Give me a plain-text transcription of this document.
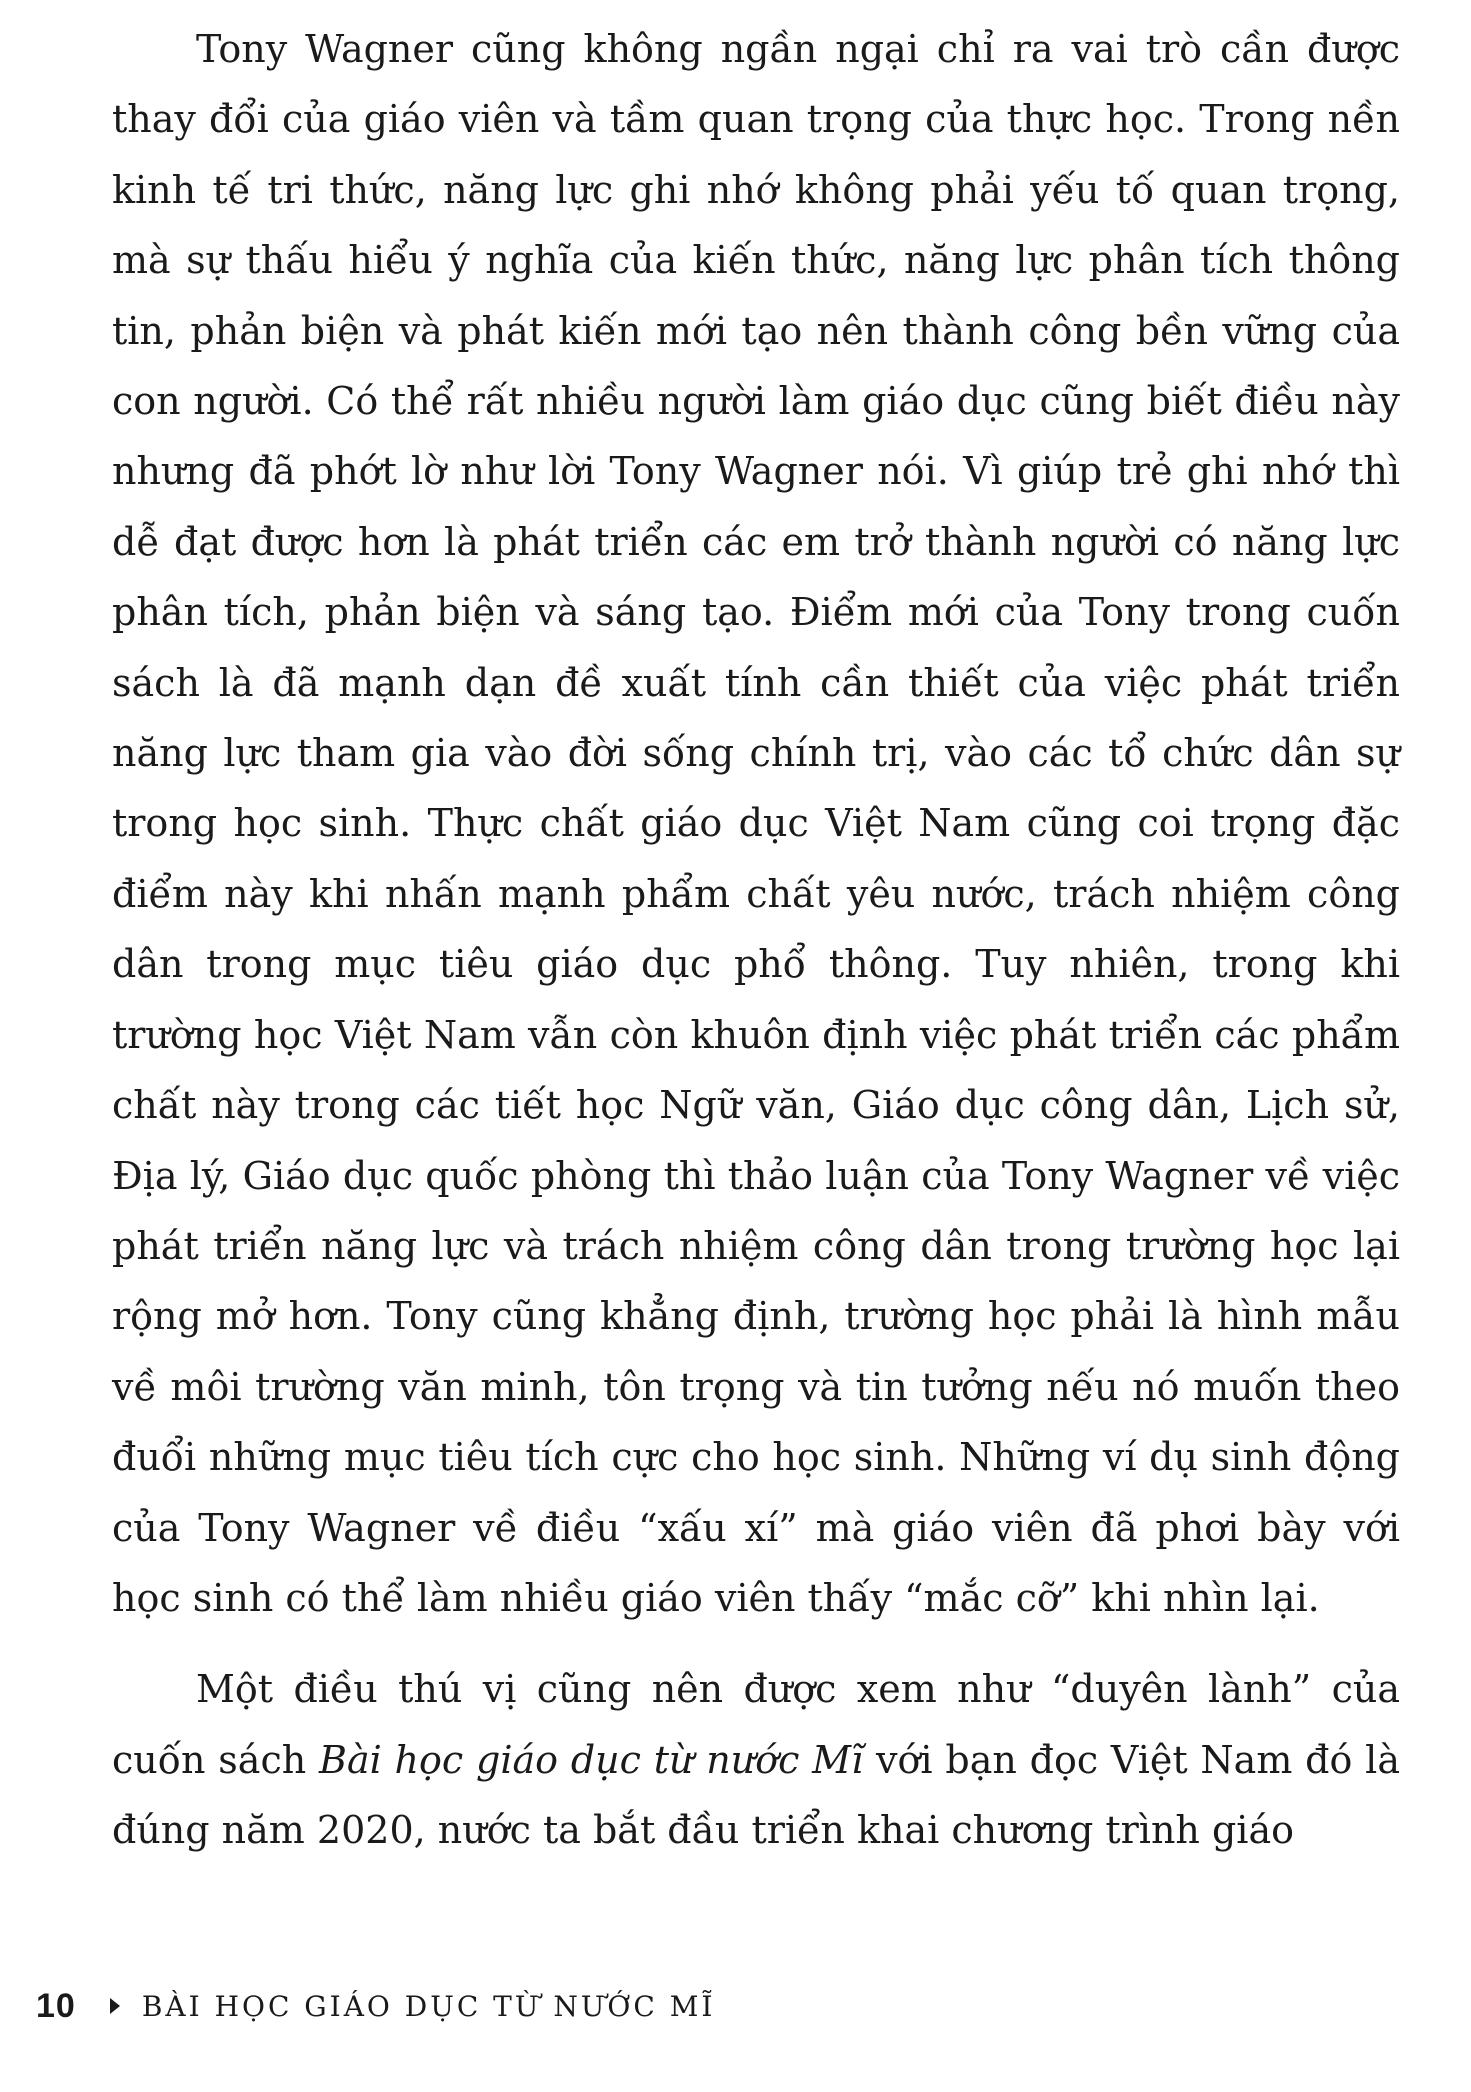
Tony Wagner cũng không ngần ngại chỉ ra vai trò cần được thay đổi của giáo viên và tầm quan trọng của thực học. Trong nền kinh tế tri thức, năng lực ghi nhớ không phải yếu tố quan trọng, mà sự thấu hiểu ý nghĩa của kiến thức, năng lực phân tích thông tin, phản biện và phát kiến mới tạo nên thành công bền vững của con người. Có thể rất nhiều người làm giáo dục cũng biết điều này nhưng đã phớt lờ như lời Tony Wagner nói. Vì giúp trẻ ghi nhớ thì dễ đạt được hơn là phát triển các em trở thành người có năng lực phân tích, phản biện và sáng tạo. Điểm mới của Tony trong cuốn sách là đã mạnh dạn đề xuất tính cần thiết của việc phát triển năng lực tham gia vào đời sống chính trị, vào các tổ chức dân sự trong học sinh. Thực chất giáo dục Việt Nam cũng coi trọng đặc điểm này khi nhấn mạnh phẩm chất yêu nước, trách nhiệm công dân trong mục tiêu giáo dục phổ thông. Tuy nhiên, trong khi trường học Việt Nam vẫn còn khuôn định việc phát triển các phẩm chất này trong các tiết học Ngữ văn, Giáo dục công dân, Lịch sử, Địa lý, Giáo dục quốc phòng thì thảo luận của Tony Wagner về việc phát triển năng lực và trách nhiệm công dân trong trường học lại rộng mở hơn. Tony cũng khẳng định, trường học phải là hình mẫu về môi trường văn minh, tôn trọng và tin tưởng nếu nó muốn theo đuổi những mục tiêu tích cực cho học sinh. Những ví dụ sinh động của Tony Wagner về điều “xấu xí” mà giáo viên đã phơi bày với học sinh có thể làm nhiều giáo viên thấy “mắc cỡ” khi nhìn lại.

Một điều thú vị cũng nên được xem như “duyên lành” của cuốn sách Bài học giáo dục từ nước Mĩ với bạn đọc Việt Nam đó là đúng năm 2020, nước ta bắt đầu triển khai chương trình giáo

10 BÀI HỌC GIÁO DỤC TỪ NƯỚC MĨ
